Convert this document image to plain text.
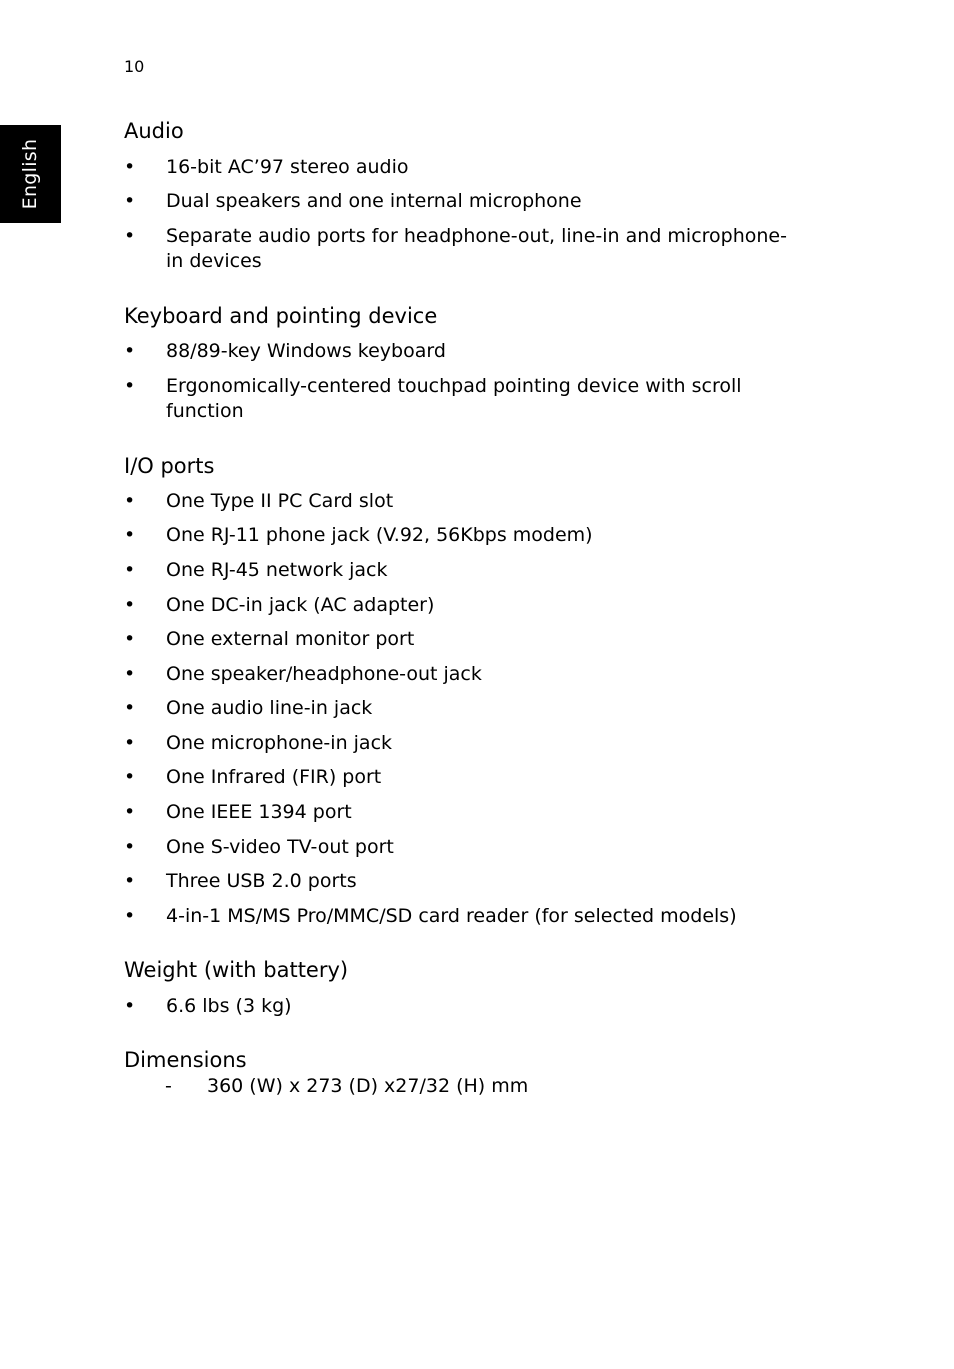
10
English
Audio
• 16-bit AC’97 stereo audio
• Dual speakers and one internal microphone
• Separate audio ports for headphone-out, line-in and microphone-
in devices
Keyboard and pointing device
• 88/89-key Windows keyboard
• Ergonomically-centered touchpad pointing device with scroll
function
I/O ports
• One Type II PC Card slot
• One RJ-11 phone jack (V.92, 56Kbps modem)
• One RJ-45 network jack
• One DC-in jack (AC adapter)
• One external monitor port
• One speaker/headphone-out jack
• One audio line-in jack
• One microphone-in jack
• One Infrared (FIR) port
• One IEEE 1394 port
• One S-video TV-out port
• Three USB 2.0 ports
• 4-in-1 MS/MS Pro/MMC/SD card reader (for selected models)
Weight (with battery)
• 6.6 lbs (3 kg)
Dimensions
- 360 (W) x 273 (D) x27/32 (H) mm
